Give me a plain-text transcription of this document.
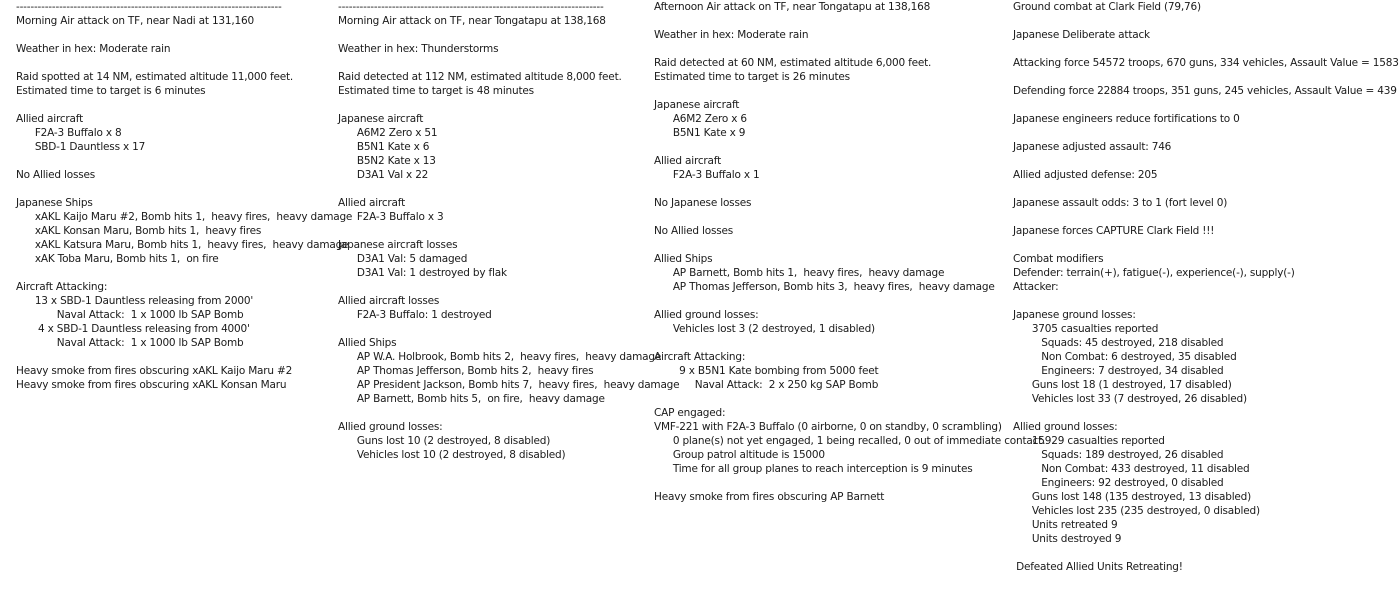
--------------------------------------------------------------------------
Morning Air attack on TF, near Nadi at 131,160
Weather in hex: Moderate rain
Raid spotted at 14 NM, estimated altitude 11,000 feet.
Estimated time to target is 6 minutes
Allied aircraft
F2A-3 Buffalo x 8
SBD-1 Dauntless x 17
No Allied losses
Japanese Ships
xAKL Kaijo Maru #2, Bomb hits 1,  heavy fires,  heavy damage
xAKL Konsan Maru, Bomb hits 1,  heavy fires
xAKL Katsura Maru, Bomb hits 1,  heavy fires,  heavy damage
xAK Toba Maru, Bomb hits 1,  on fire
Aircraft Attacking:
13 x SBD-1 Dauntless releasing from 2000'
Naval Attack:  1 x 1000 lb SAP Bomb
4 x SBD-1 Dauntless releasing from 4000'
Naval Attack:  1 x 1000 lb SAP Bomb
Heavy smoke from fires obscuring xAKL Kaijo Maru #2
Heavy smoke from fires obscuring xAKL Konsan Maru
--------------------------------------------------------------------------
Morning Air attack on TF, near Tongatapu at 138,168
Weather in hex: Thunderstorms
Raid detected at 112 NM, estimated altitude 8,000 feet.
Estimated time to target is 48 minutes
Japanese aircraft
A6M2 Zero x 51
B5N1 Kate x 6
B5N2 Kate x 13
D3A1 Val x 22
Allied aircraft
F2A-3 Buffalo x 3
Japanese aircraft losses
D3A1 Val: 5 damaged
D3A1 Val: 1 destroyed by flak
Allied aircraft losses
F2A-3 Buffalo: 1 destroyed
Allied Ships
AP W.A. Holbrook, Bomb hits 2,  heavy fires,  heavy damage
AP Thomas Jefferson, Bomb hits 2,  heavy fires
AP President Jackson, Bomb hits 7,  heavy fires,  heavy damage
AP Barnett, Bomb hits 5,  on fire,  heavy damage
Allied ground losses:
Guns lost 10 (2 destroyed, 8 disabled)
Vehicles lost 10 (2 destroyed, 8 disabled)
Afternoon Air attack on TF, near Tongatapu at 138,168
Weather in hex: Moderate rain
Raid detected at 60 NM, estimated altitude 6,000 feet.
Estimated time to target is 26 minutes
Japanese aircraft
A6M2 Zero x 6
B5N1 Kate x 9
Allied aircraft
F2A-3 Buffalo x 1
No Japanese losses
No Allied losses
Allied Ships
AP Barnett, Bomb hits 1,  heavy fires,  heavy damage
AP Thomas Jefferson, Bomb hits 3,  heavy fires,  heavy damage
Allied ground losses:
Vehicles lost 3 (2 destroyed, 1 disabled)
Aircraft Attacking:
9 x B5N1 Kate bombing from 5000 feet
Naval Attack:  2 x 250 kg SAP Bomb
CAP engaged:
VMF-221 with F2A-3 Buffalo (0 airborne, 0 on standby, 0 scrambling)
0 plane(s) not yet engaged, 1 being recalled, 0 out of immediate contact.
Group patrol altitude is 15000
Time for all group planes to reach interception is 9 minutes
Heavy smoke from fires obscuring AP Barnett
Ground combat at Clark Field (79,76)
Japanese Deliberate attack
Attacking force 54572 troops, 670 guns, 334 vehicles, Assault Value = 1583
Defending force 22884 troops, 351 guns, 245 vehicles, Assault Value = 439
Japanese engineers reduce fortifications to 0
Japanese adjusted assault: 746
Allied adjusted defense: 205
Japanese assault odds: 3 to 1 (fort level 0)
Japanese forces CAPTURE Clark Field !!!
Combat modifiers
Defender: terrain(+), fatigue(-), experience(-), supply(-)
Attacker:
Japanese ground losses:
3705 casualties reported
Squads: 45 destroyed, 218 disabled
Non Combat: 6 destroyed, 35 disabled
Engineers: 7 destroyed, 34 disabled
Guns lost 18 (1 destroyed, 17 disabled)
Vehicles lost 33 (7 destroyed, 26 disabled)
Allied ground losses:
15929 casualties reported
Squads: 189 destroyed, 26 disabled
Non Combat: 433 destroyed, 11 disabled
Engineers: 92 destroyed, 0 disabled
Guns lost 148 (135 destroyed, 13 disabled)
Vehicles lost 235 (235 destroyed, 0 disabled)
Units retreated 9
Units destroyed 9
Defeated Allied Units Retreating!
